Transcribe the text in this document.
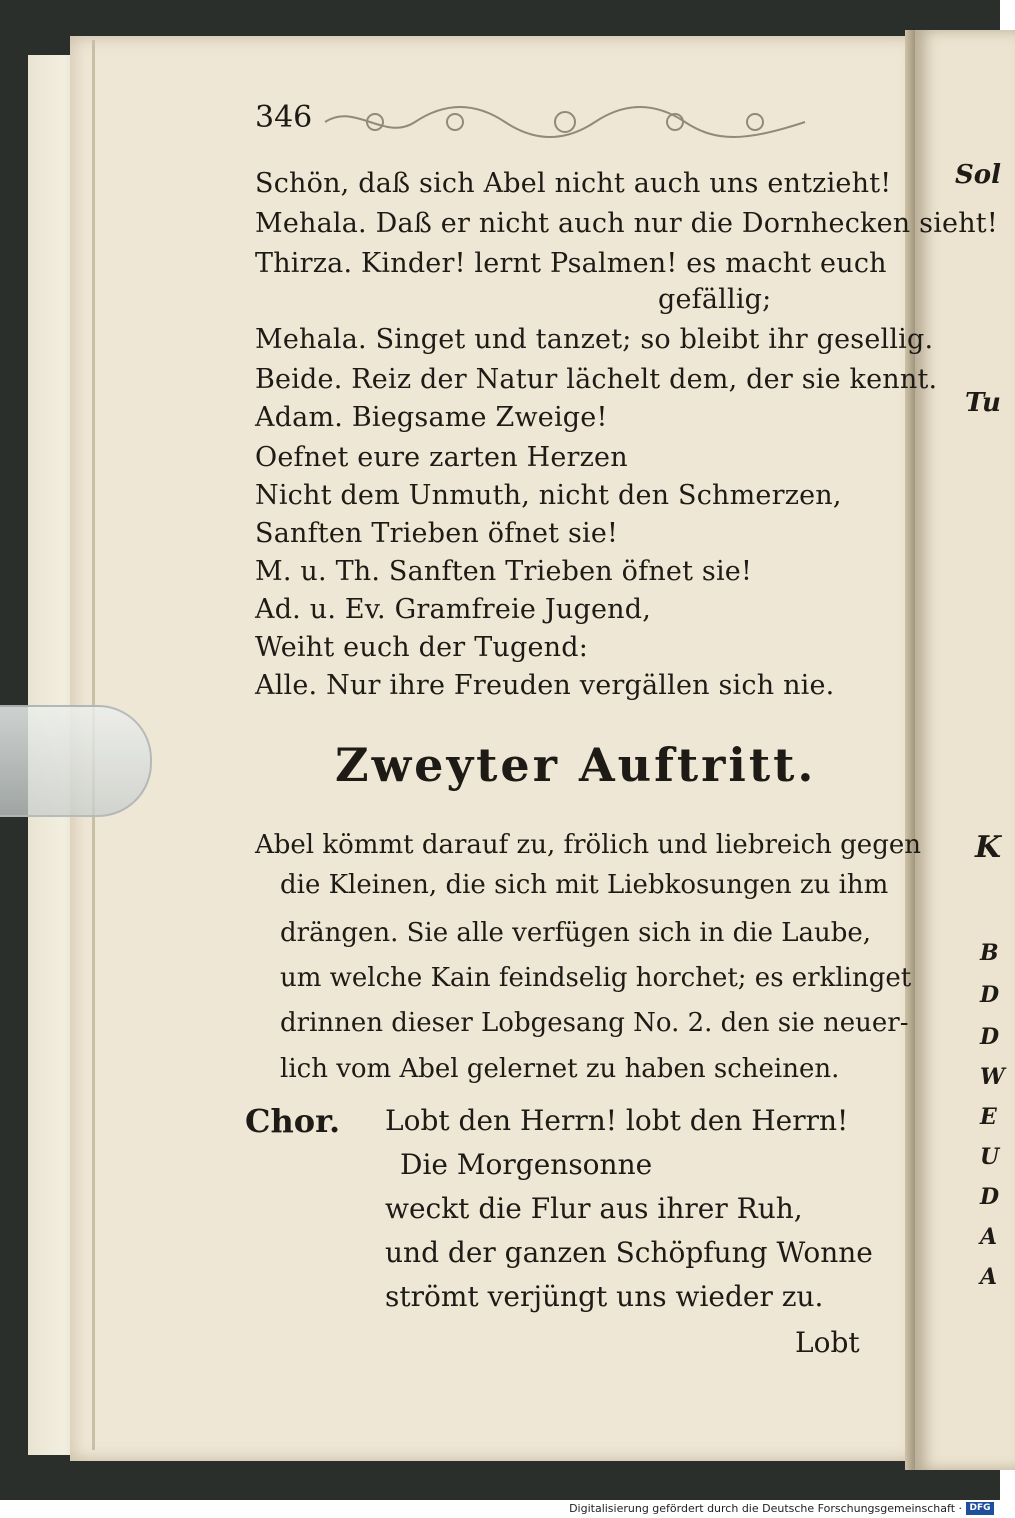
346
Schön, daß sich Abel nicht auch uns entzieht!
Mehala. Daß er nicht auch nur die Dornhecken sieht!
Thirza. Kinder! lernt Psalmen! es macht euch
gefällig;
Mehala. Singet und tanzet; so bleibt ihr gesellig.
Beide. Reiz der Natur lächelt dem, der sie kennt.
Adam. Biegsame Zweige!
Oefnet eure zarten Herzen
Nicht dem Unmuth, nicht den Schmerzen,
Sanften Trieben öfnet sie!
M. u. Th. Sanften Trieben öfnet sie!
Ad. u. Ev. Gramfreie Jugend,
Weiht euch der Tugend:
Alle. Nur ihre Freuden vergällen sich nie.
Zweyter Auftritt.
Abel kömmt darauf zu, frölich und liebreich gegen
die Kleinen, die sich mit Liebkosungen zu ihm
drängen. Sie alle verfügen sich in die Laube,
um welche Kain feindselig horchet; es erklinget
drinnen dieser Lobgesang No. 2. den sie neuer-
lich vom Abel gelernet zu haben scheinen.
Chor. Lobt den Herrn! lobt den Herrn!
Die Morgensonne
weckt die Flur aus ihrer Ruh,
und der ganzen Schöpfung Wonne
strömt verjüngt uns wieder zu.
Lobt
Sol
Tu
K
B
D
D
W
E
U
D
A
A
Digitalisierung gefördert durch die Deutsche Forschungsgemeinschaft · DFG
